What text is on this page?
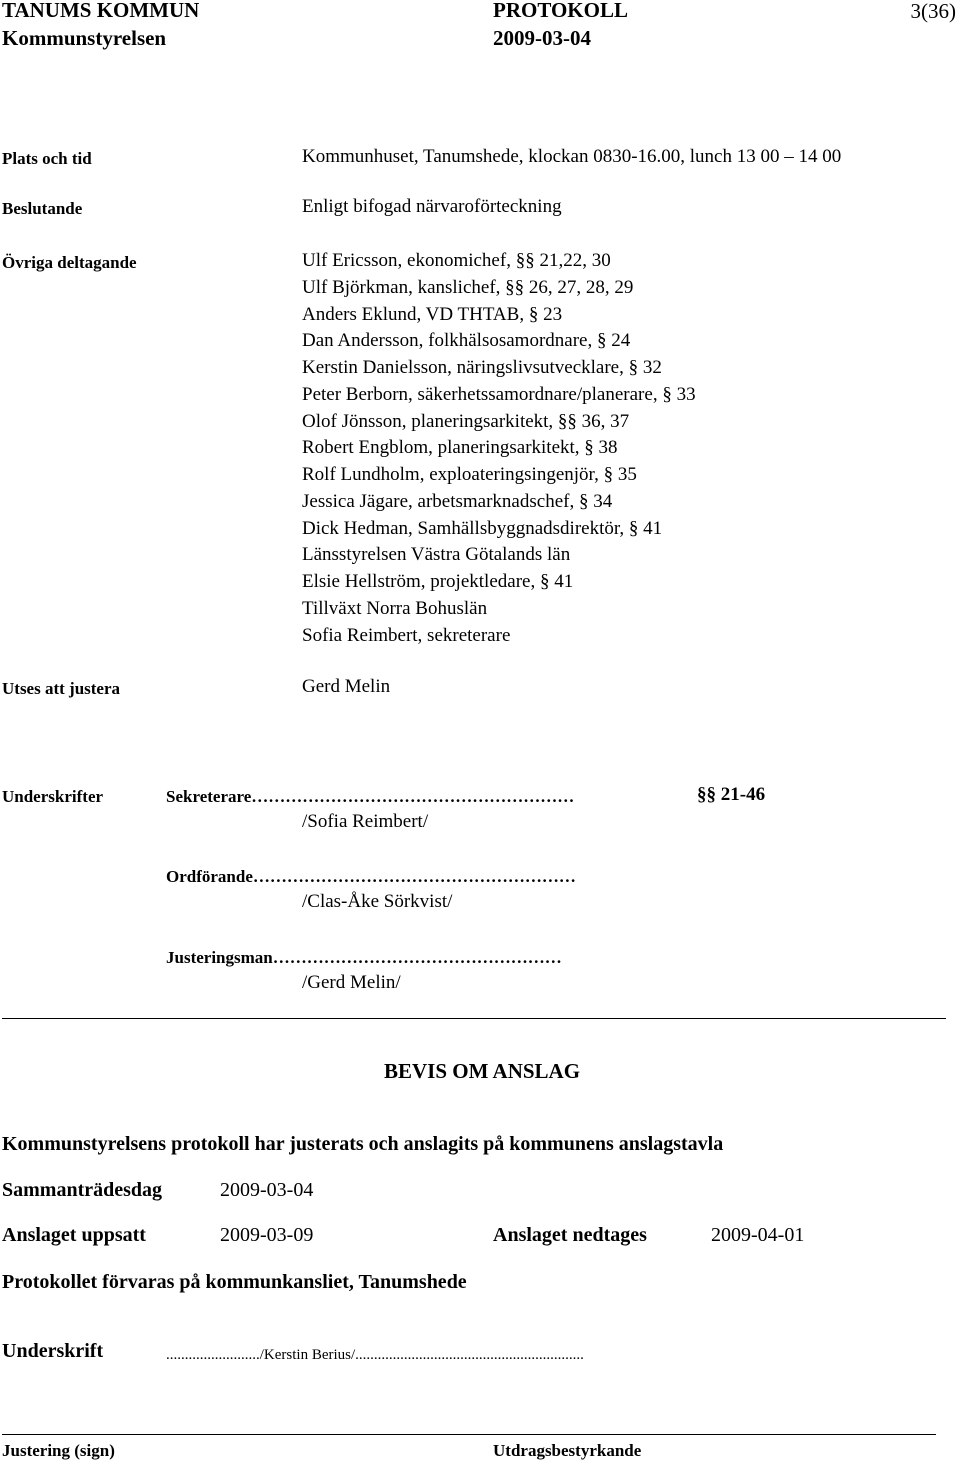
TANUMS KOMMUN	PROTOKOLL	3(36)
Kommunstyrelsen	2009-03-04
Plats och tid	Kommunhuset, Tanumshede, klockan 0830-16.00, lunch 13 00 – 14 00
Beslutande	Enligt bifogad närvaroförteckning
Övriga deltagande	Ulf Ericsson, ekonomichef, §§ 21,22, 30
Ulf Björkman, kanslichef, §§ 26, 27, 28, 29
Anders Eklund, VD THTAB, § 23
Dan Andersson, folkhälsosamordnare, § 24
Kerstin Danielsson, näringslivsutvecklare, § 32
Peter Berborn, säkerhetssamordnare/planerare, § 33
Olof Jönsson, planeringsarkitekt, §§ 36, 37
Robert Engblom, planeringsarkitekt, § 38
Rolf Lundholm, exploateringsingenjör, § 35
Jessica Jägare, arbetsmarknadschef, § 34
Dick Hedman, Samhällsbyggnadsdirektör, § 41
Länsstyrelsen Västra Götalands län
Elsie Hellström, projektledare, § 41
Tillväxt Norra Bohuslän
Sofia Reimbert, sekreterare
Utses att justera	Gerd Melin
Underskrifter	Sekreterare…………………………………………………	§§ 21-46
/Sofia Reimbert/
Ordförande…………………………………………………
/Clas-Åke Sörkvist/
Justeringsman……………………………………………
/Gerd Melin/
BEVIS OM ANSLAG
Kommunstyrelsens protokoll har justerats och anslagits på kommunens anslagstavla
Sammanträdesdag	2009-03-04
Anslaget uppsatt	2009-03-09	Anslaget nedtages	2009-04-01
Protokollet förvaras på kommunkansliet, Tanumshede
Underskrift	........................./Kerstin Berius/.............................................................
Justering (sign)	Utdragsbestyrkande
